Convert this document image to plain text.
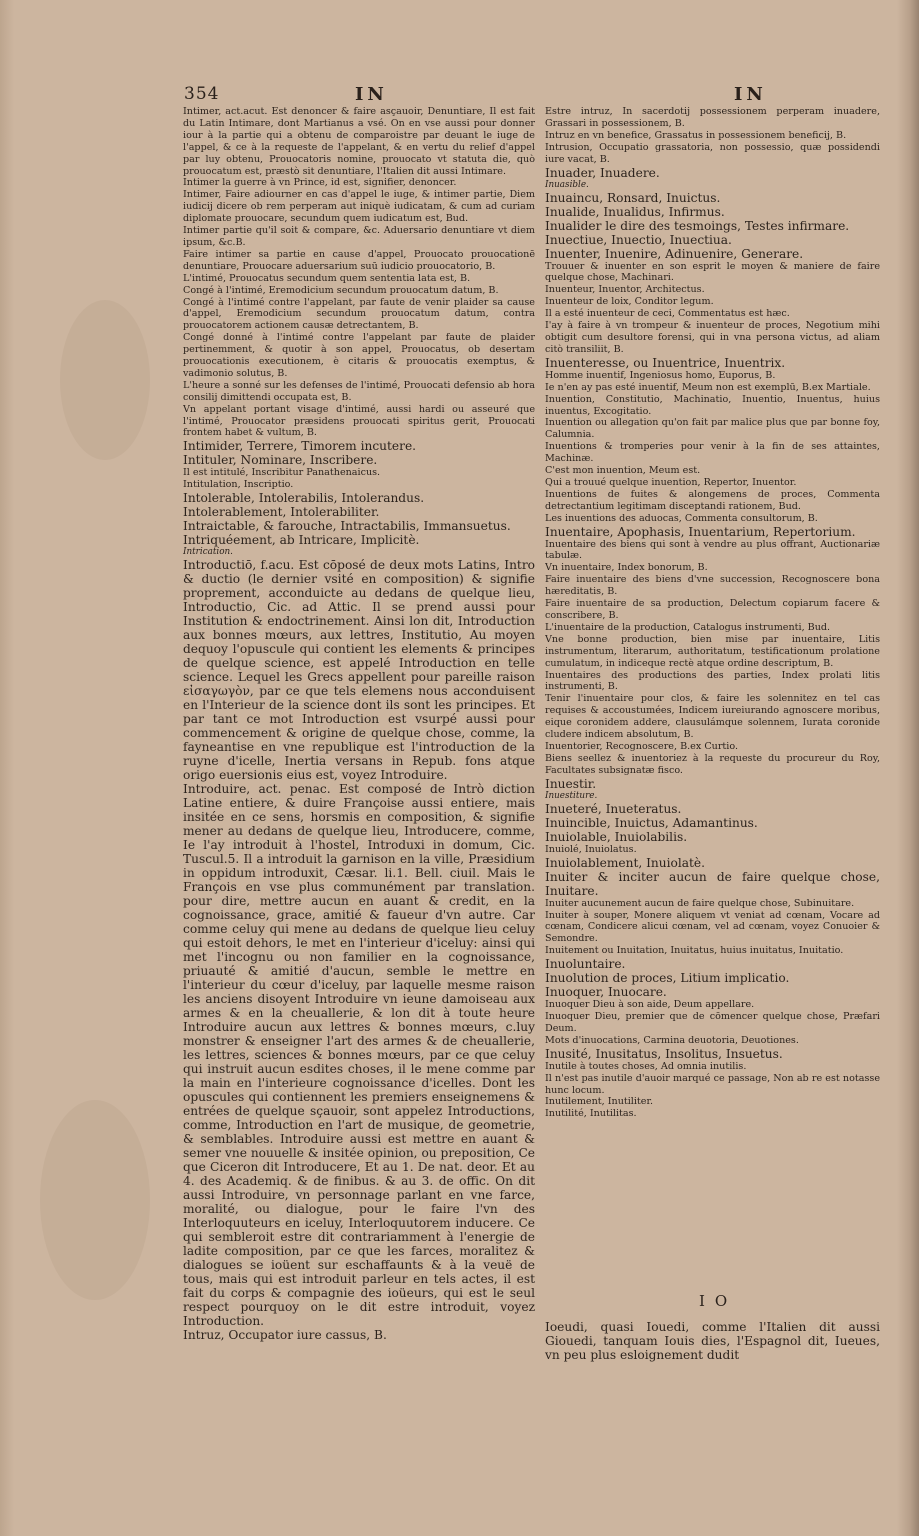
354	IN	IN

Intimer, act.acut. Est denoncer & faire asçauoir, Denuntiare, Il est fait du Latin Intimare, dont Martianus a vsé. On en vse aussi pour donner iour à la partie qui a obtenu de comparoistre par deuant le iuge de l'appel, & ce à la requeste de l'appelant, & en vertu du relief d'appel par luy obtenu, Prouocatoris nomine, prouocato vt statuta die, quò prouocatum est, præstò sit denuntiare, l'Italien dit aussi Intimare.

Intimer la guerre à vn Prince, id est, signifier, denoncer.

Intimer, Faire adiourner en cas d'appel le iuge, & intimer partie, Diem iudicij dicere ob rem perperam aut iniquè iudicatam, & cum ad curiam diplomate prouocare, secundum quem iudicatum est, Bud.

Intimer partie qu'il soit & compare, &c. Aduersario denuntiare vt diem ipsum, &c.B.

Faire intimer sa partie en cause d'appel, Prouocato prouocationē denuntiare, Prouocare aduersarium suū iudicio prouocatorio, B.

L'intimé, Prouocatus secundum quem sententia lata est, B.

Congé à l'intimé, Eremodicium secundum prouocatum datum, B.

Congé à l'intimé contre l'appelant, par faute de venir plaider sa cause d'appel, Eremodicium secundum prouocatum datum, contra prouocatorem actionem causæ detrectantem, B.

Congé donné à l'intimé contre l'appelant par faute de plaider pertinemment, & quotir à son appel, Prouocatus, ob desertam prouocationis executionem, è citaris & prouocatis exemptus, & vadimonio solutus, B.

L'heure a sonné sur les defenses de l'intimé, Prouocati defensio ab hora consilij dimittendi occupata est, B.

Vn appelant portant visage d'intimé, aussi hardi ou asseuré que l'intimé, Prouocator præsidens prouocati spiritus gerit, Prouocati frontem habet & vultum, B.

Intimider, Terrere, Timorem incutere.

Intituler, Nominare, Inscribere.

Il est intitulé, Inscribitur Panathenaicus.

Intitulation, Inscriptio.

Intolerable, Intolerabilis, Intolerandus.

Intolerablement, Intolerabiliter.

Intraictable, & farouche, Intractabilis, Immansuetus.

Intriquéement, ab Intricare, Implicitè.

Intrication.

Introductiō, f.acu. Est cōposé de deux mots Latins, Intro & ductio (le dernier vsité en composition) & signifie proprement, acconduicte au dedans de quelque lieu, Introductio, Cic. ad Attic. Il se prend aussi pour Institution & endoctrinement. Ainsi lon dit, Introduction aux bonnes mœurs, aux lettres, Institutio, Au moyen dequoy l'opuscule qui contient les elements & principes de quelque science, est appelé Introduction en telle science. Lequel les Grecs appellent pour pareille raison εἰσαγωγὸν, par ce que tels elemens nous acconduisent en l'Interieur de la science dont ils sont les principes. Et par tant ce mot Introduction est vsurpé aussi pour commencement & origine de quelque chose, comme, la fayneantise en vne republique est l'introduction de la ruyne d'icelle, Inertia versans in Repub. fons atque origo euersionis eius est, voyez Introduire.

Introduire, act. penac. Est composé de Intrò diction Latine entiere, & duire Françoise aussi entiere, mais insitée en ce sens, horsmis en composition, & signifie mener au dedans de quelque lieu, Introducere, comme, Ie l'ay introduit à l'hostel, Introduxi in domum, Cic. Tuscul.5. Il a introduit la garnison en la ville, Præsidium in oppidum introduxit, Cæsar. li.1. Bell. ciuil. Mais le François en vse plus communément par translation. pour dire, mettre aucun en auant & credit, en la cognoissance, grace, amitié & faueur d'vn autre. Car comme celuy qui mene au dedans de quelque lieu celuy qui estoit dehors, le met en l'interieur d'iceluy: ainsi qui met l'incognu ou non familier en la cognoissance, priuauté & amitié d'aucun, semble le mettre en l'interieur du cœur d'iceluy, par laquelle mesme raison les anciens disoyent Introduire vn ieune damoiseau aux armes & en la cheuallerie, & lon dit à toute heure Introduire aucun aux lettres & bonnes mœurs, c.luy monstrer & enseigner l'art des armes & de cheuallerie, les lettres, sciences & bonnes mœurs, par ce que celuy qui instruit aucun esdites choses, il le mene comme par la main en l'interieure cognoissance d'icelles. Dont les opuscules qui contiennent les premiers enseignemens & entrées de quelque sçauoir, sont appelez Introductions, comme, Introduction en l'art de musique, de geometrie, & semblables. Introduire aussi est mettre en auant & semer vne nouuelle & insitée opinion, ou preposition, Ce que Ciceron dit Introducere, Et au 1. De nat. deor. Et au 4. des Academiq. & de finibus. & au 3. de offic. On dit aussi Introduire, vn personnage parlant en vne farce, moralité, ou dialogue, pour le faire l'vn des Interloquuteurs en iceluy, Interloquutorem inducere. Ce qui sembleroit estre dit contrariamment à l'energie de ladite composition, par ce que les farces, moralitez & dialogues se ioüent sur eschaffaunts & à la veuë de tous, mais qui est introduit parleur en tels actes, il est fait du corps & compagnie des ioüeurs, qui est le seul respect pourquoy on le dit estre introduit, voyez Introduction.

Intruz, Occupator iure cassus, B.

Estre intruz, In sacerdotij possessionem perperam inuadere, Grassari in possessionem, B.

Intruz en vn benefice, Grassatus in possessionem beneficij, B.

Intrusion, Occupatio grassatoria, non possessio, quæ possidendi iure vacat, B.

Inuader, Inuadere.

Inuasible.

Inuaincu, Ronsard, Inuictus.

Inualide, Inualidus, Infirmus.

Inualider le dire des tesmoings, Testes infirmare.

Inuectiue, Inuectio, Inuectiua.

Inuenter, Inuenire, Adinuenire, Generare.

Trouuer & inuenter en son esprit le moyen & maniere de faire quelque chose, Machinari.

Inuenteur, Inuentor, Architectus.

Inuenteur de loix, Conditor legum.

Il a esté inuenteur de ceci, Commentatus est hæc.

I'ay à faire à vn trompeur & inuenteur de proces, Negotium mihi obtigit cum desultore forensi, qui in vna persona victus, ad aliam citò transiliit, B.

Inuenteresse, ou Inuentrice, Inuentrix.

Homme inuentif, Ingeniosus homo, Euporus, B.

Ie n'en ay pas esté inuentif, Meum non est exemplū, B.ex Martiale.

Inuention, Constitutio, Machinatio, Inuentio, Inuentus, huius inuentus, Excogitatio.

Inuention ou allegation qu'on fait par malice plus que par bonne foy, Calumnia.

Inuentions & tromperies pour venir à la fin de ses attaintes, Machinæ.

C'est mon inuention, Meum est.

Qui a trouué quelque inuention, Repertor, Inuentor.

Inuentions de fuites & alongemens de proces, Commenta detrectantium legitimam disceptandi rationem, Bud.

Les inuentions des aduocas, Commenta consultorum, B.

Inuentaire, Apophasis, Inuentarium, Repertorium.

Inuentaire des biens qui sont à vendre au plus offrant, Auctionariæ tabulæ.

Vn inuentaire, Index bonorum, B.

Faire inuentaire des biens d'vne succession, Recognoscere bona hæreditatis, B.

Faire inuentaire de sa production, Delectum copiarum facere & conscribere, B.

L'inuentaire de la production, Catalogus instrumenti, Bud.

Vne bonne production, bien mise par inuentaire, Litis instrumentum, literarum, authoritatum, testificationum prolatione cumulatum, in indiceque rectè atque ordine descriptum, B.

Inuentaires des productions des parties, Index prolati litis instrumenti, B.

Tenir l'inuentaire pour clos, & faire les solennitez en tel cas requises & accoustumées, Indicem iureiurando agnoscere moribus, eique coronidem addere, clausulámque solennem, Iurata coronide cludere indicem absolutum, B.

Inuentorier, Recognoscere, B.ex Curtio.

Biens seellez & inuentoriez à la requeste du procureur du Roy, Facultates subsignatæ fisco.

Inuestir.

Inuestiture.

Inueteré, Inueteratus.

Inuincible, Inuictus, Adamantinus.

Inuiolable, Inuiolabilis.

Inuiolé, Inuiolatus.

Inuiolablement, Inuiolatè.

Inuiter & inciter aucun de faire quelque chose, Inuitare.

Inuiter aucunement aucun de faire quelque chose, Subinuitare.

Inuiter à souper, Monere aliquem vt veniat ad cœnam, Vocare ad cœnam, Condicere alicui cœnam, vel ad cœnam, voyez Conuoier & Semondre.

Inuitement ou Inuitation, Inuitatus, huius inuitatus, Inuitatio.

Inuoluntaire.

Inuolution de proces, Litium implicatio.

Inuoquer, Inuocare.

Inuoquer Dieu à son aide, Deum appellare.

Inuoquer Dieu, premier que de cōmencer quelque chose, Præfari Deum.

Mots d'inuocations, Carmina deuotoria, Deuotiones.

Inusité, Inusitatus, Insolitus, Insuetus.

Inutile à toutes choses, Ad omnia inutilis.

Il n'est pas inutile d'auoir marqué ce passage, Non ab re est notasse hunc locum.

Inutilement, Inutiliter.

Inutilité, Inutilitas.

IO

Ioeudi, quasi Iouedi, comme l'Italien dit aussi Giouedi, tanquam Iouis dies, l'Espagnol dit, Iueues, vn peu plus esloignement dudit
